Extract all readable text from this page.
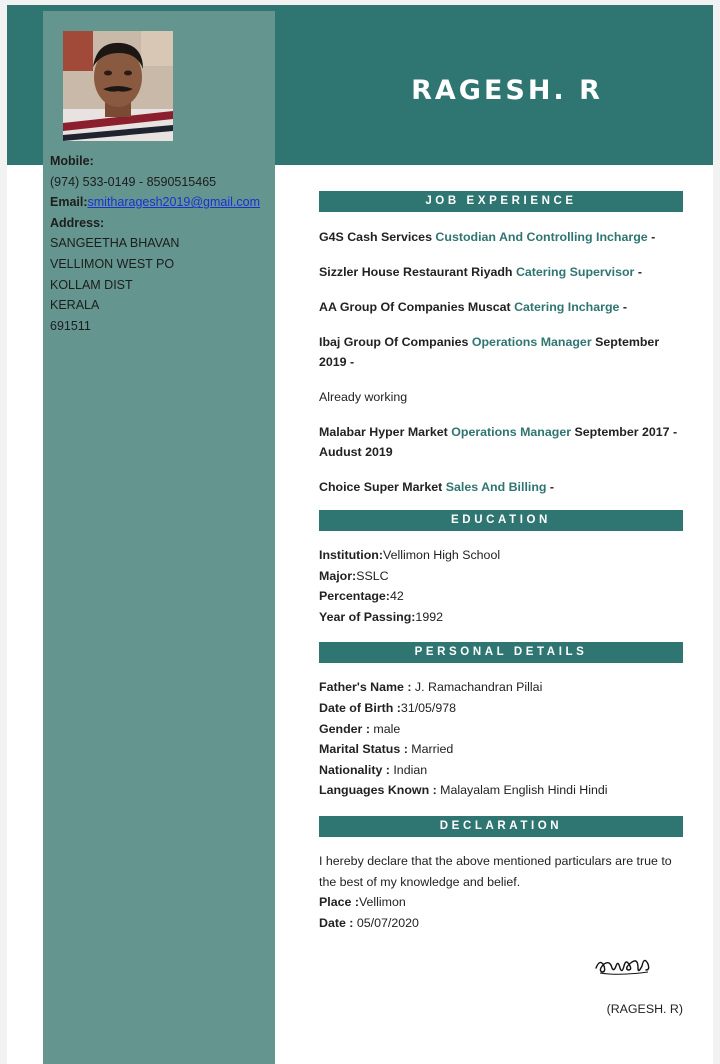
RAGESH. R
Mobile:
(974) 533-0149 - 8590515465
Email:smitharagesh2019@gmail.com
Address:
SANGEETHA BHAVAN
VELLIMON WEST PO
KOLLAM DIST
KERALA
691511
JOB EXPERIENCE
G4S Cash Services Custodian And Controlling Incharge -
Sizzler House Restaurant Riyadh Catering Supervisor -
AA Group Of Companies Muscat Catering Incharge -
Ibaj Group Of Companies Operations Manager September 2019 -
Already working
Malabar Hyper Market Operations Manager September 2017 - Audust 2019
Choice Super Market Sales And Billing -
EDUCATION
Institution:Vellimon High School
Major:SSLC
Percentage:42
Year of Passing:1992
PERSONAL DETAILS
Father's Name : J. Ramachandran Pillai
Date of Birth :31/05/978
Gender : male
Marital Status : Married
Nationality : Indian
Languages Known : Malayalam English Hindi Hindi
DECLARATION
I hereby declare that the above mentioned particulars are true to the best of my knowledge and belief.
Place :Vellimon
Date : 05/07/2020
(RAGESH. R)
